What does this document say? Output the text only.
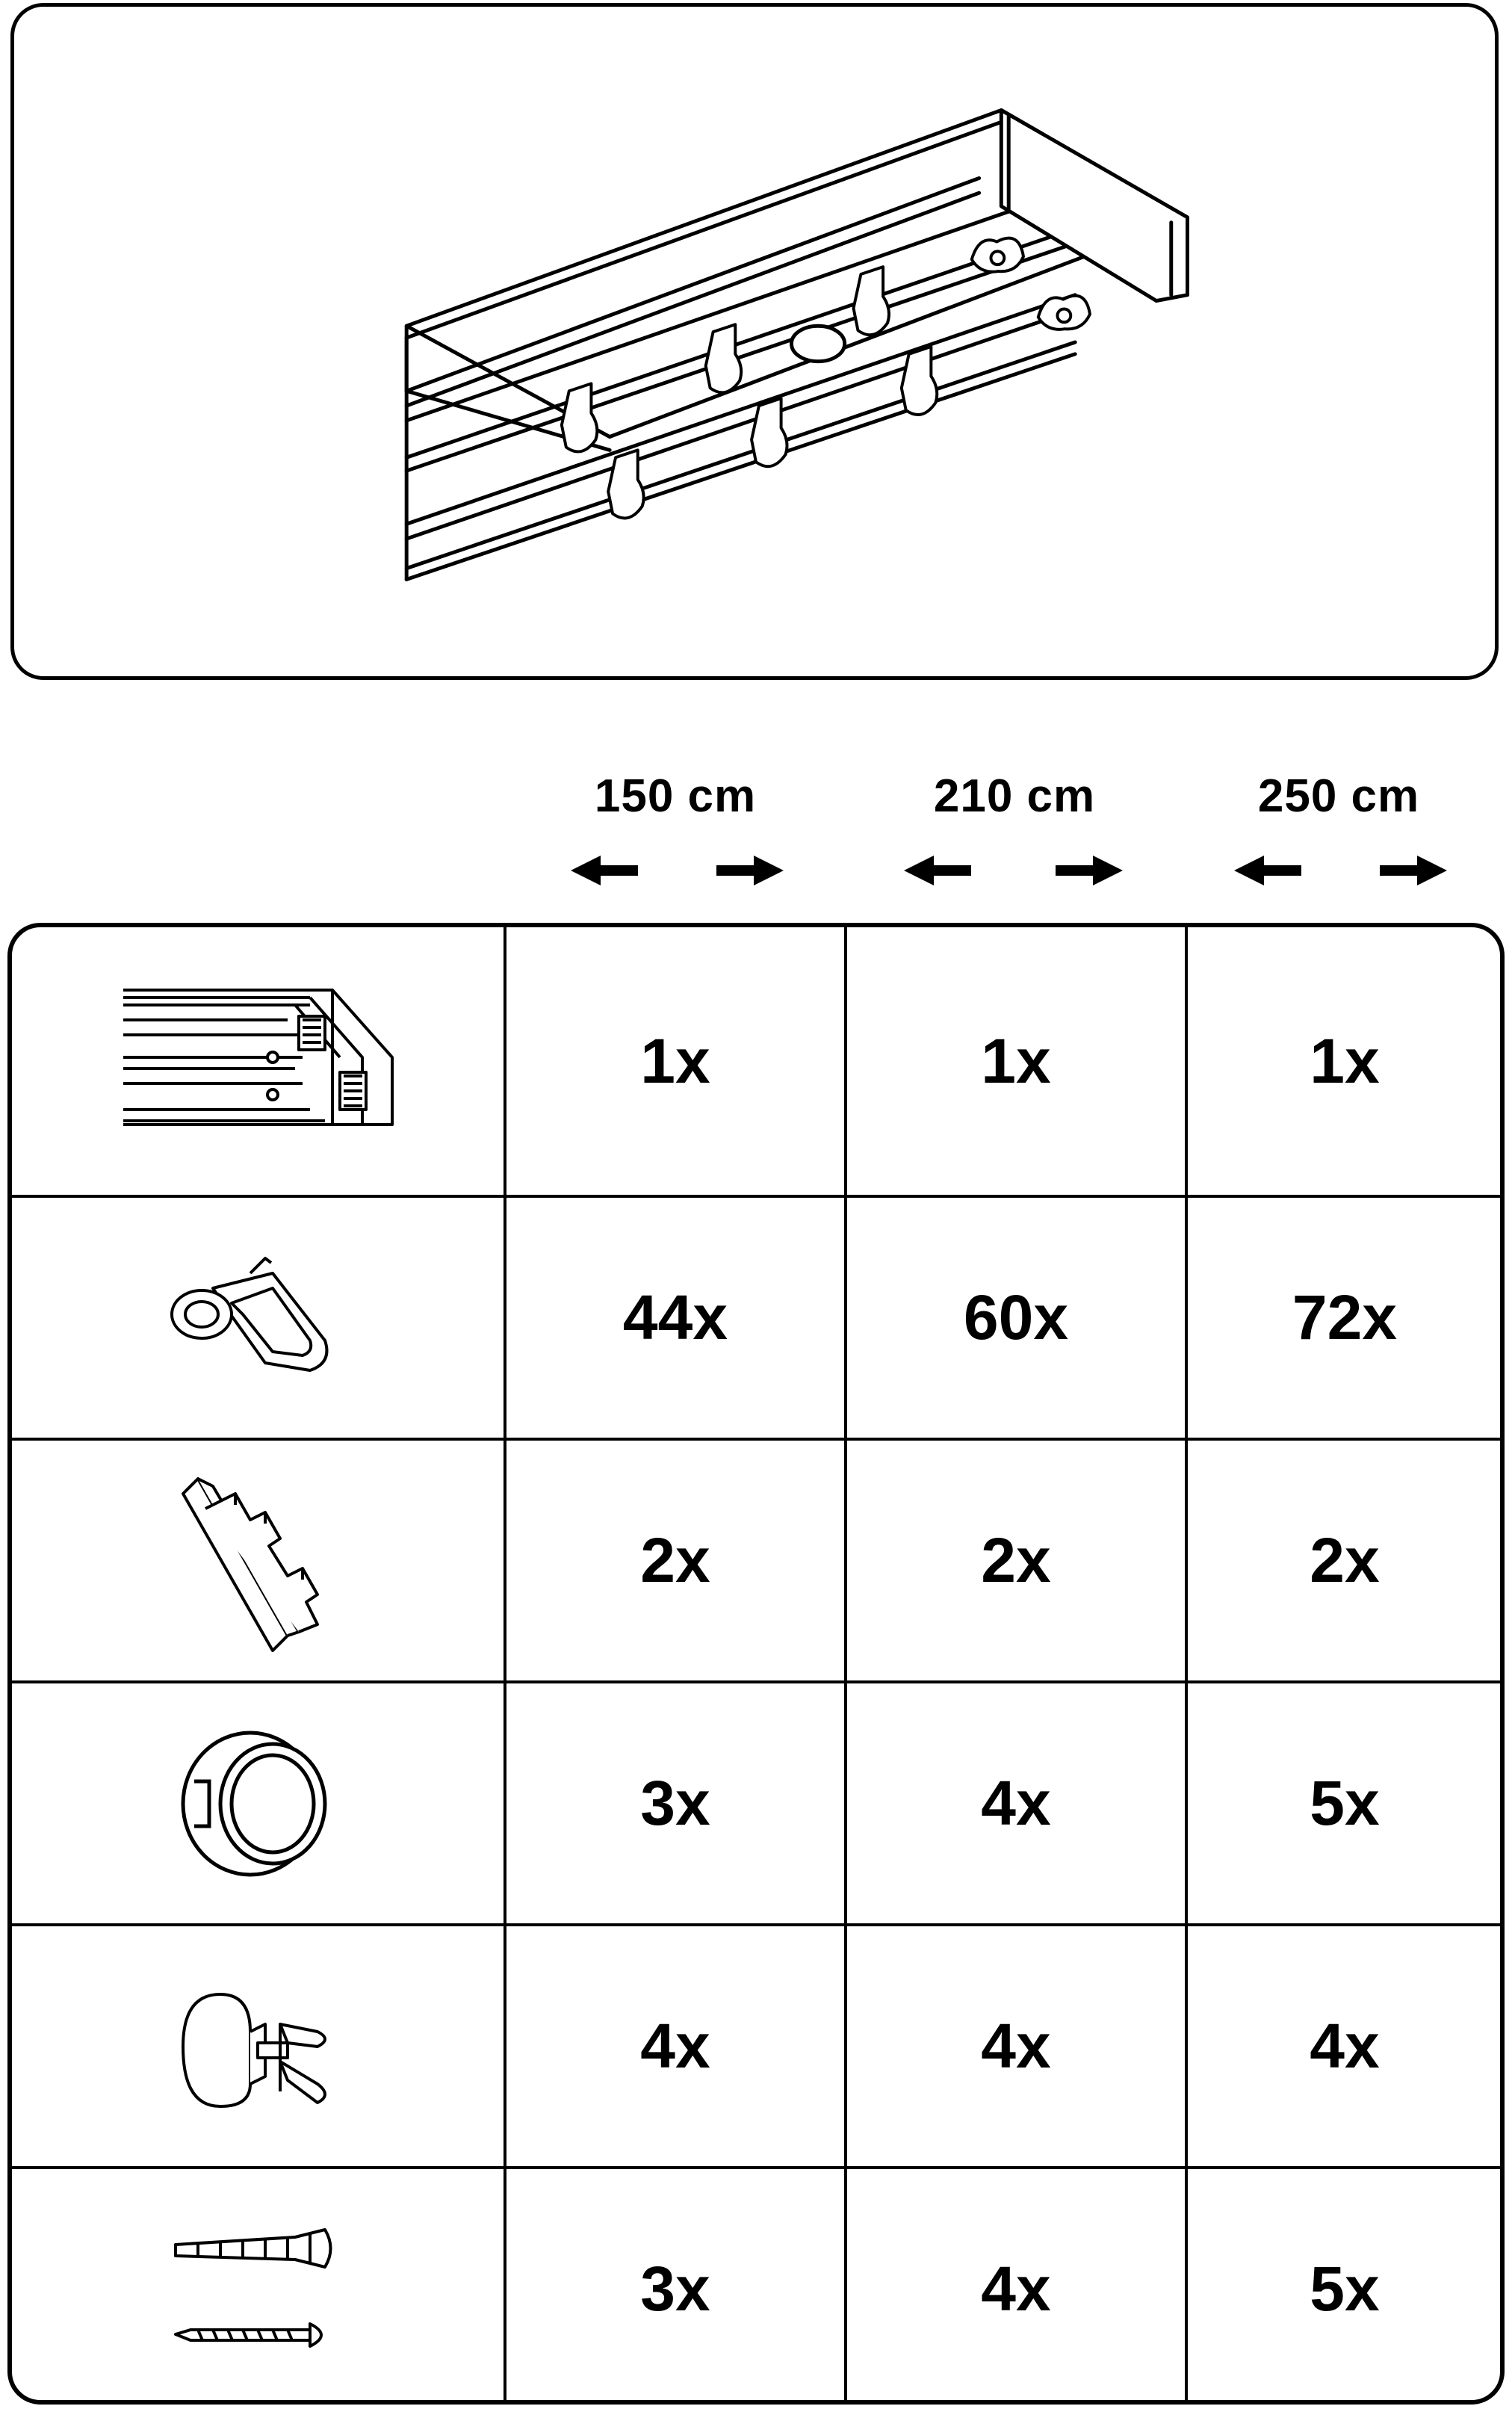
150 cm	210 cm	250 cm
1x	1x	1x
44x	60x	72x
2x	2x	2x
3x	4x	5x
4x	4x	4x
3x	4x	5x
